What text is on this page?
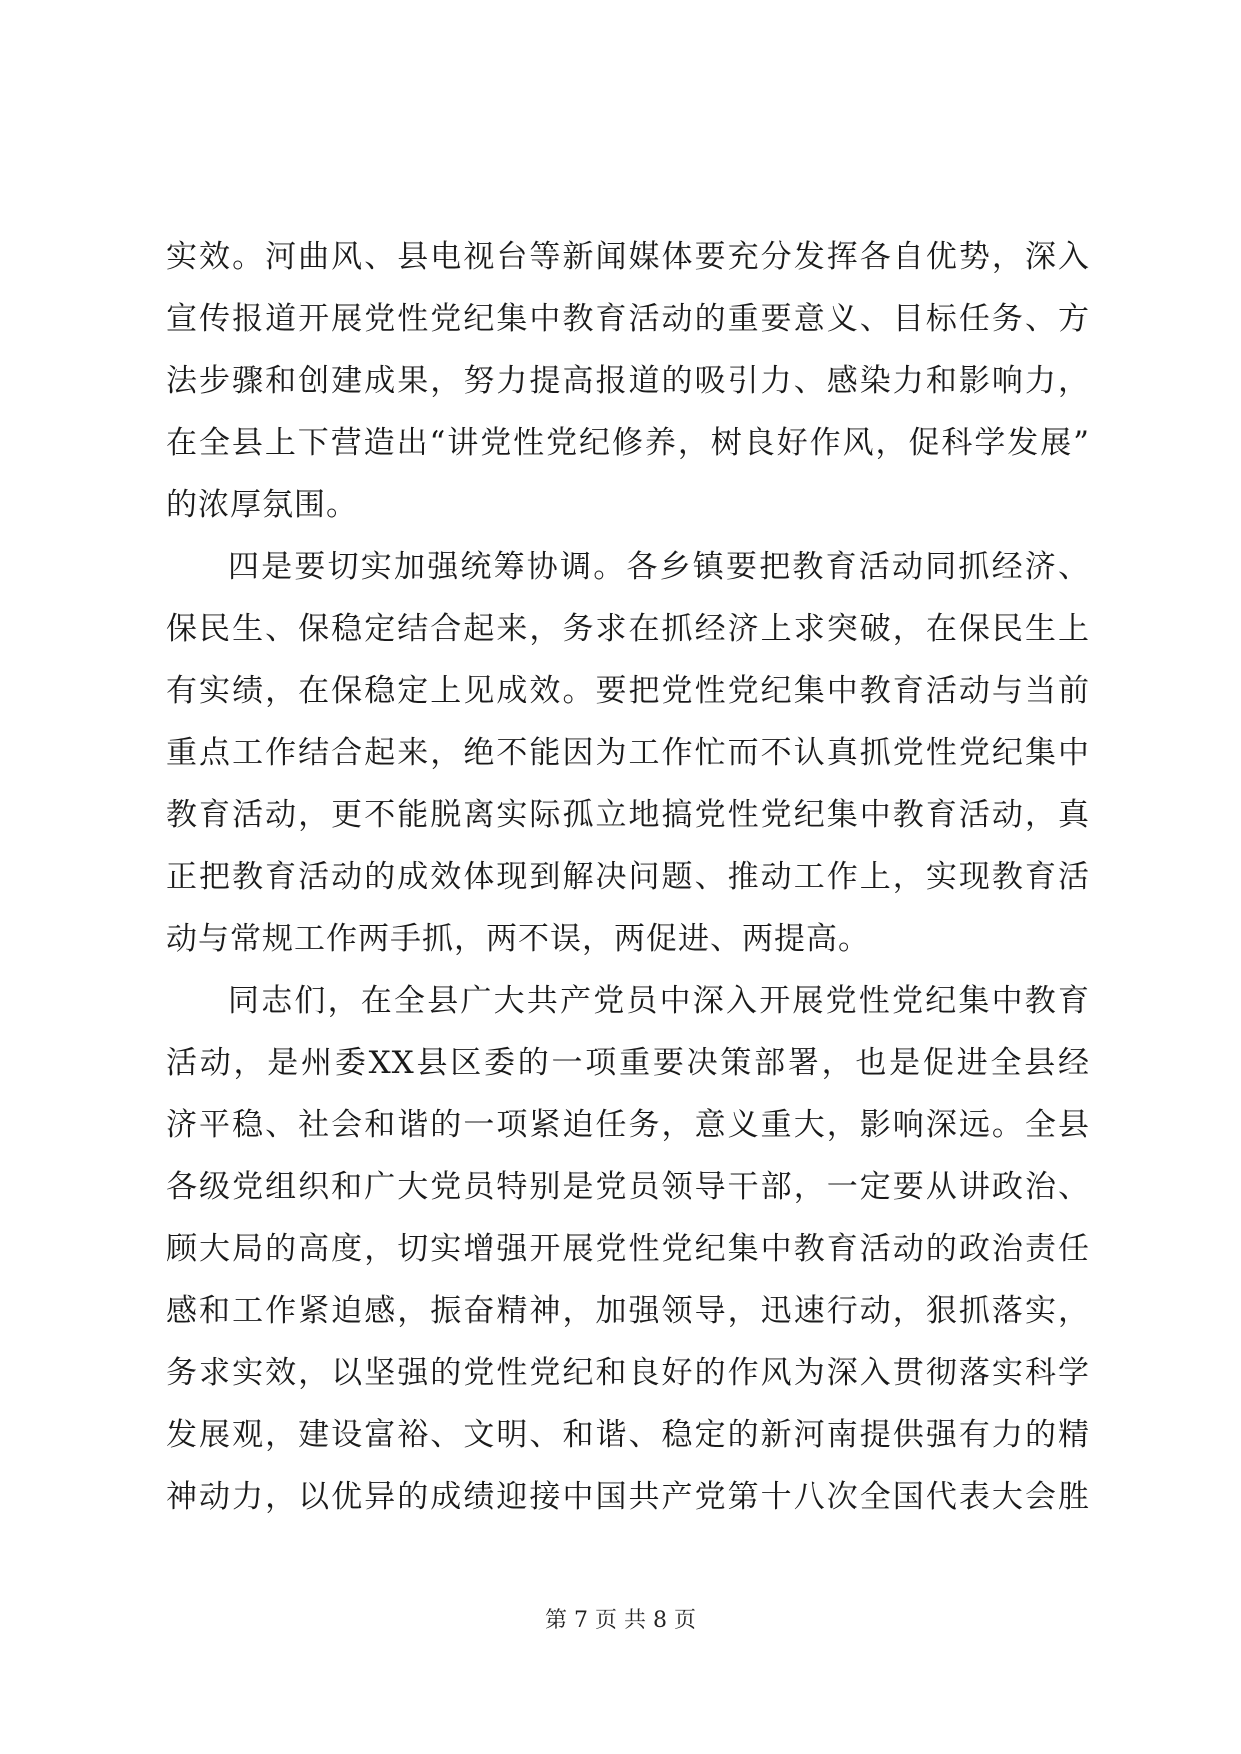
实效。河曲风、县电视台等新闻媒体要充分发挥各自优势，深入
宣传报道开展党性党纪集中教育活动的重要意义、目标任务、方
法步骤和创建成果，努力提高报道的吸引力、感染力和影响力，
在全县上下营造出“讲党性党纪修养，树良好作风，促科学发展”
的浓厚氛围。
四是要切实加强统筹协调。各乡镇要把教育活动同抓经济、
保民生、保稳定结合起来，务求在抓经济上求突破，在保民生上
有实绩，在保稳定上见成效。要把党性党纪集中教育活动与当前
重点工作结合起来，绝不能因为工作忙而不认真抓党性党纪集中
教育活动，更不能脱离实际孤立地搞党性党纪集中教育活动，真
正把教育活动的成效体现到解决问题、推动工作上，实现教育活
动与常规工作两手抓，两不误，两促进、两提高。
同志们，在全县广大共产党员中深入开展党性党纪集中教育
活动，是州委XX县区委的一项重要决策部署，也是促进全县经
济平稳、社会和谐的一项紧迫任务，意义重大，影响深远。全县
各级党组织和广大党员特别是党员领导干部，一定要从讲政治、
顾大局的高度，切实增强开展党性党纪集中教育活动的政治责任
感和工作紧迫感，振奋精神，加强领导，迅速行动，狠抓落实，
务求实效，以坚强的党性党纪和良好的作风为深入贯彻落实科学
发展观，建设富裕、文明、和谐、稳定的新河南提供强有力的精
神动力，以优异的成绩迎接中国共产党第十八次全国代表大会胜
第 7 页 共 8 页
